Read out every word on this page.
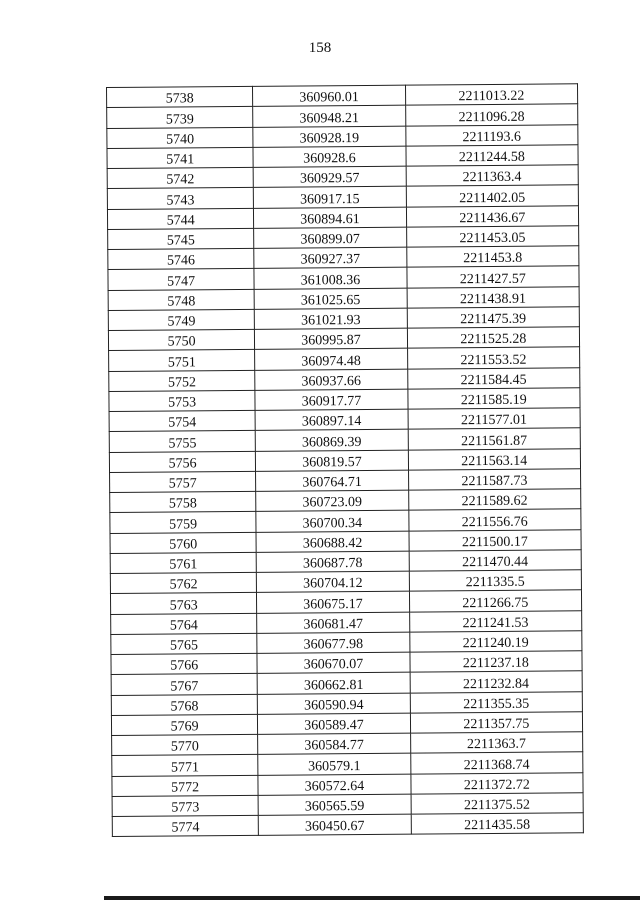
158
5738	360960.01	2211013.22
5739	360948.21	2211096.28
5740	360928.19	2211193.6
5741	360928.6	2211244.58
5742	360929.57	2211363.4
5743	360917.15	2211402.05
5744	360894.61	2211436.67
5745	360899.07	2211453.05
5746	360927.37	2211453.8
5747	361008.36	2211427.57
5748	361025.65	2211438.91
5749	361021.93	2211475.39
5750	360995.87	2211525.28
5751	360974.48	2211553.52
5752	360937.66	2211584.45
5753	360917.77	2211585.19
5754	360897.14	2211577.01
5755	360869.39	2211561.87
5756	360819.57	2211563.14
5757	360764.71	2211587.73
5758	360723.09	2211589.62
5759	360700.34	2211556.76
5760	360688.42	2211500.17
5761	360687.78	2211470.44
5762	360704.12	2211335.5
5763	360675.17	2211266.75
5764	360681.47	2211241.53
5765	360677.98	2211240.19
5766	360670.07	2211237.18
5767	360662.81	2211232.84
5768	360590.94	2211355.35
5769	360589.47	2211357.75
5770	360584.77	2211363.7
5771	360579.1	2211368.74
5772	360572.64	2211372.72
5773	360565.59	2211375.52
5774	360450.67	2211435.58
